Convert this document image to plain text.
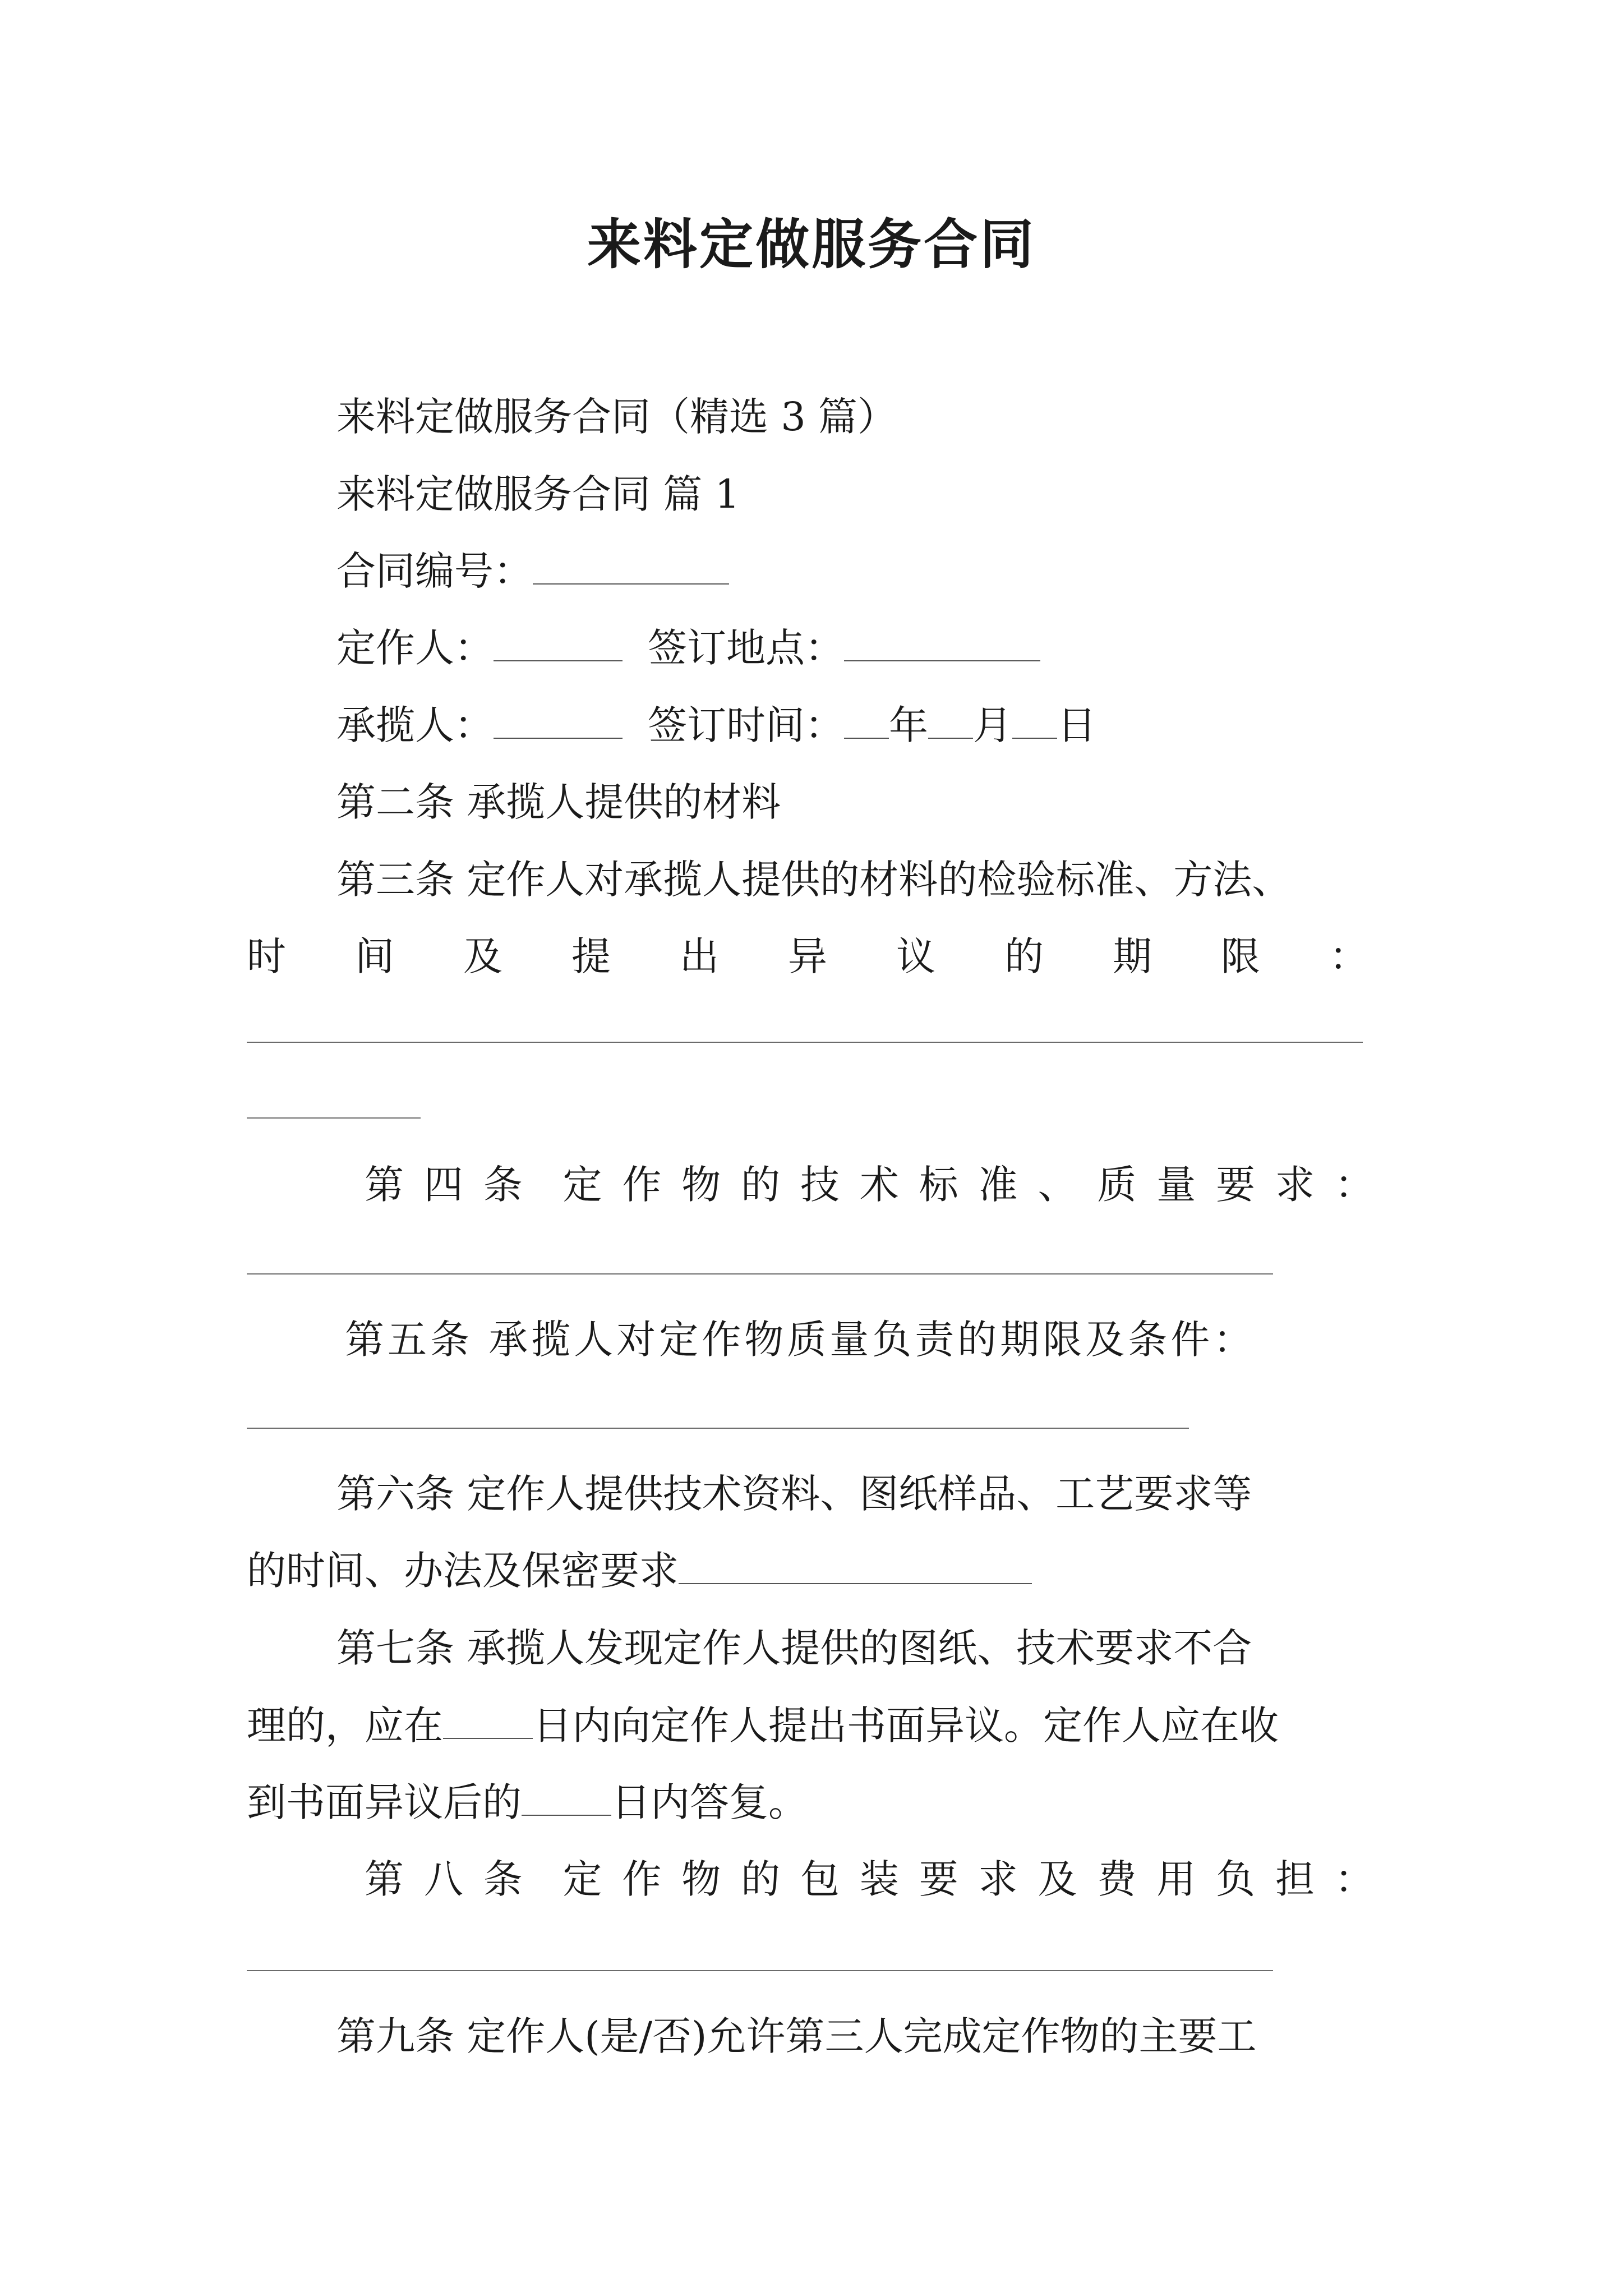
来料定做服务合同
来料定做服务合同（精选 3 篇）
来料定做服务合同 篇 1
合同编号：
定作人：	签订地点：
承揽人：	签订时间： 年 月 日
第二条 承揽人提供的材料
第三条 定作人对承揽人提供的材料的检验标准、方法、
时 间 及 提 出 异 议 的 期 限 ：
第 四 条 定 作 物 的 技 术 标 准 、 质 量 要 求 ：
第五条 承揽人对定作物质量负责的期限及条件：
第六条 定作人提供技术资料、图纸样品、工艺要求等
的时间、办法及保密要求
第七条 承揽人发现定作人提供的图纸、技术要求不合
理的，应在 日内向定作人提出书面异议。定作人应在收
到书面异议后的 日内答复。
第 八 条 定 作 物 的 包 装 要 求 及 费 用 负 担 ：
第九条 定作人(是/否)允许第三人完成定作物的主要工
